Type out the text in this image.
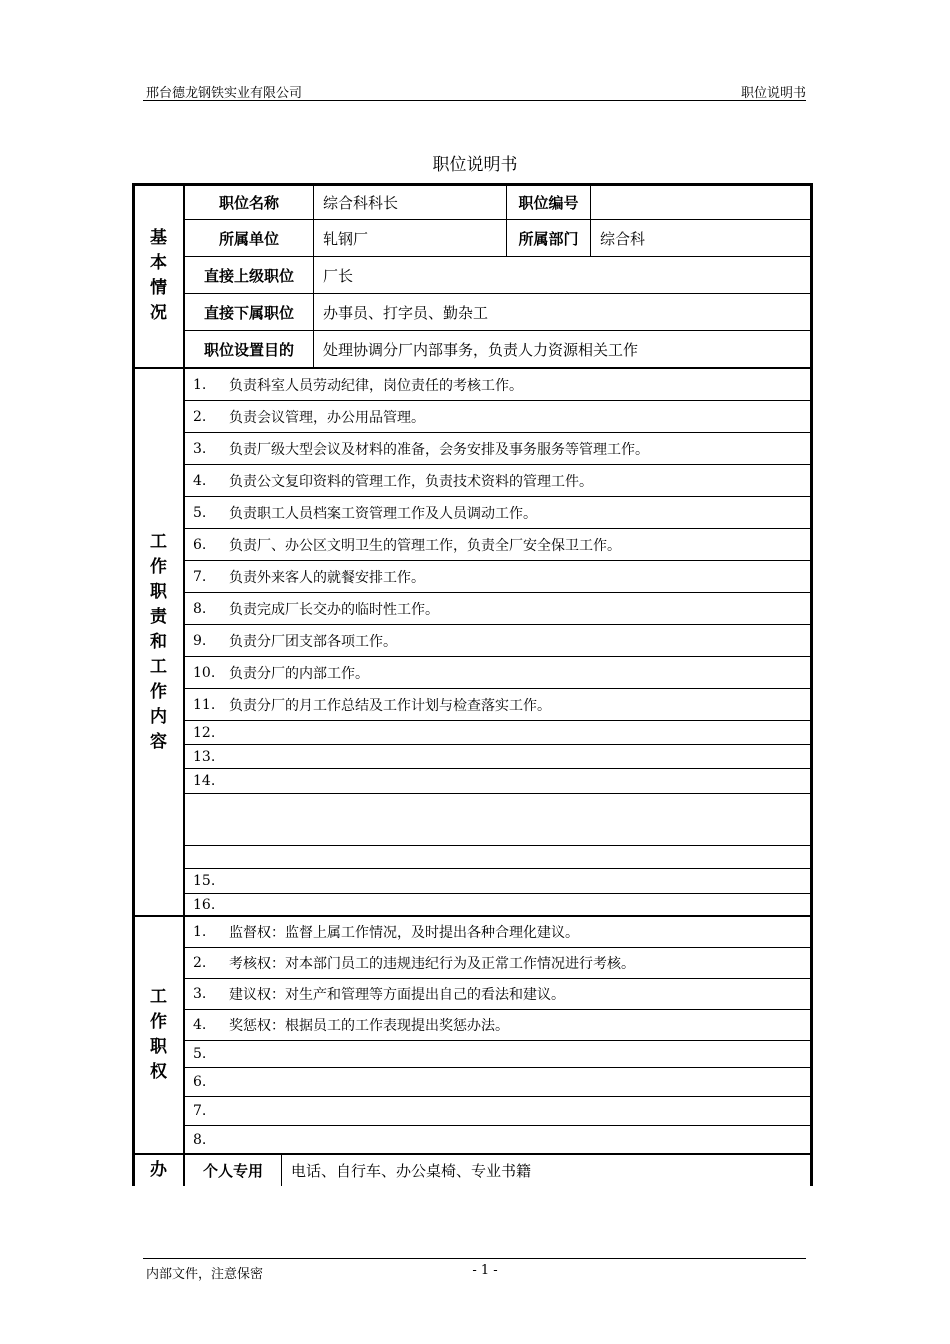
邢台德龙钢铁实业有限公司	职位说明书
职位说明书
基
本
情
况
职位名称	综合科科长	职位编号
所属单位	轧钢厂	所属部门	综合科
直接上级职位	厂长
直接下属职位	办事员、打字员、勤杂工
职位设置目的	处理协调分厂内部事务，负责人力资源相关工作
工
作
职
责
和
工
作
内
容
1.	负责科室人员劳动纪律，岗位责任的考核工作。
2.	负责会议管理，办公用品管理。
3.	负责厂级大型会议及材料的准备，会务安排及事务服务等管理工作。
4.	负责公文复印资料的管理工作，负责技术资料的管理工件。
5.	负责职工人员档案工资管理工作及人员调动工作。
6.	负责厂、办公区文明卫生的管理工作，负责全厂安全保卫工作。
7.	负责外来客人的就餐安排工作。
8.	负责完成厂长交办的临时性工作。
9.	负责分厂团支部各项工作。
10. 负责分厂的内部工作。
11. 负责分厂的月工作总结及工作计划与检查落实工作。
12.
13.
14.
15.
16.
工
作
职
权
1.	监督权：监督上属工作情况，及时提出各种合理化建议。
2.	考核权：对本部门员工的违规违纪行为及正常工作情况进行考核。
3.	建议权：对生产和管理等方面提出自己的看法和建议。
4.	奖惩权：根据员工的工作表现提出奖惩办法。
5.
6.
7.
8.
办	个人专用	电话、自行车、办公桌椅、专业书籍
内部文件，注意保密	- 1 -
